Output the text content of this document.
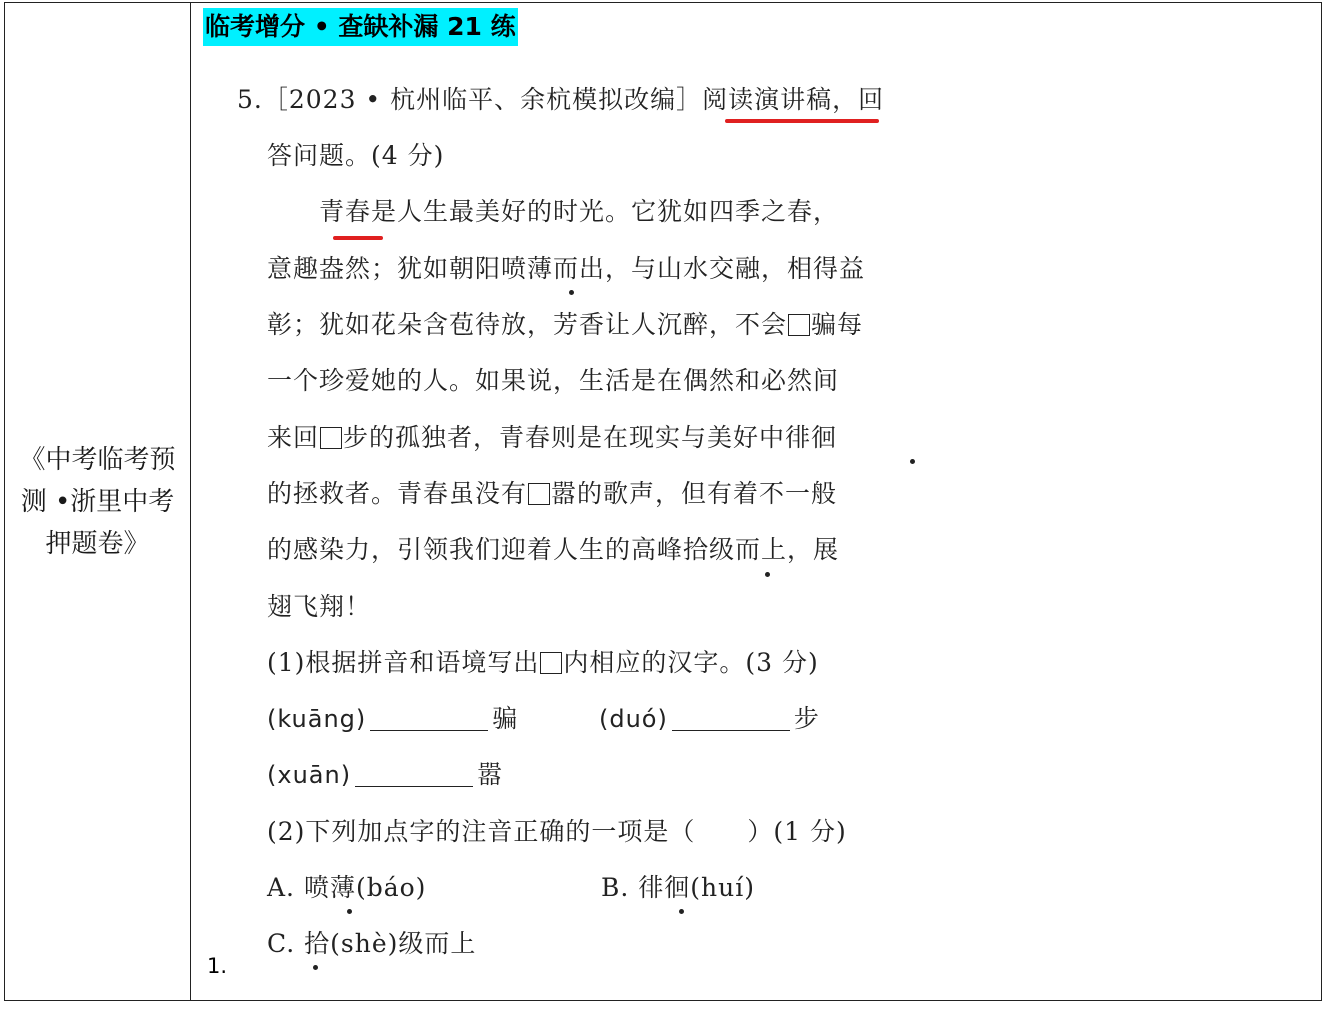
《中考临考预测 •浙里中考押题卷》
临考增分 • 查缺补漏 21 练
5.［2023 • 杭州临平、余杭模拟改编］阅读演讲稿，回
答问题。(4 分)
　　青春是人生最美好的时光。它犹如四季之春，
意趣盎然；犹如朝阳喷薄而出，与山水交融，相得益
彰；犹如花朵含苞待放，芳香让人沉醉，不会 骗每
一个珍爱她的人。如果说，生活是在偶然和必然间
来回 步的孤独者，青春则是在现实与美好中徘徊
的拯救者。青春虽没有 嚣的歌声，但有着不一般
的感染力，引领我们迎着人生的高峰拾级而上，展
翅飞翔！
(1)根据拼音和语境写出 内相应的汉字。(3 分)
(kuāng)	骗	(duó)	步
(xuān)	嚣
(2)下列加点字的注音正确的一项是（　　）(1 分)
A. 喷薄(báo)	B. 徘徊(huí)
C. 拾(shè)级而上
1.
